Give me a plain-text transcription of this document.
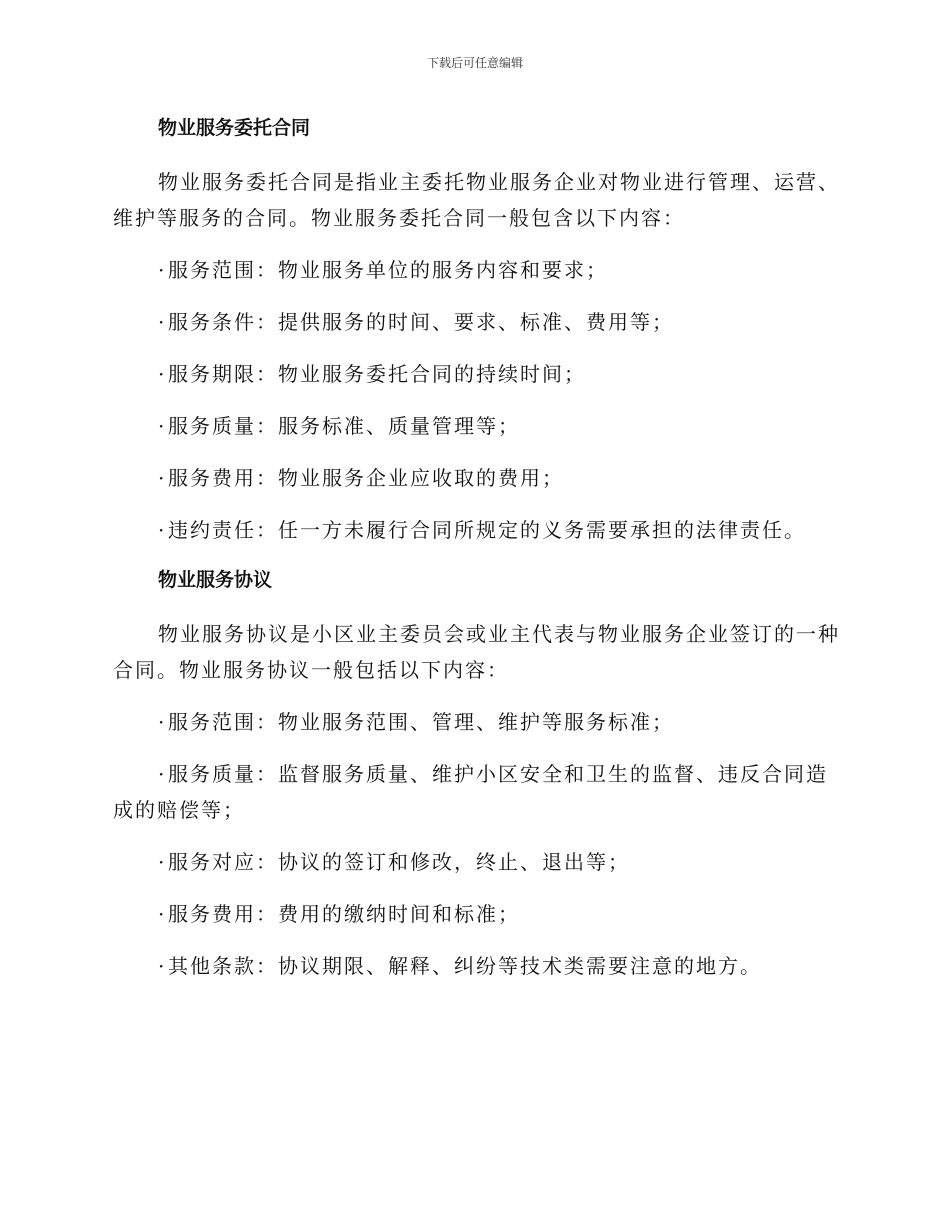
下载后可任意编辑
物业服务委托合同

物业服务委托合同是指业主委托物业服务企业对物业进行管理、运营、维护等服务的合同。物业服务委托合同一般包含以下内容：

· 服务范围：物业服务单位的服务内容和要求；

· 服务条件：提供服务的时间、要求、标准、费用等；

· 服务期限：物业服务委托合同的持续时间；

· 服务质量：服务标准、质量管理等；

· 服务费用：物业服务企业应收取的费用；

· 违约责任：任一方未履行合同所规定的义务需要承担的法律责任。

物业服务协议

物业服务协议是小区业主委员会或业主代表与物业服务企业签订的一种合同。物业服务协议一般包括以下内容：

· 服务范围：物业服务范围、管理、维护等服务标准；

· 服务质量：监督服务质量、维护小区安全和卫生的监督、违反合同造成的赔偿等；

· 服务对应：协议的签订和修改，终止、退出等；

· 服务费用：费用的缴纳时间和标准；

· 其他条款：协议期限、解释、纠纷等技术类需要注意的地方。
